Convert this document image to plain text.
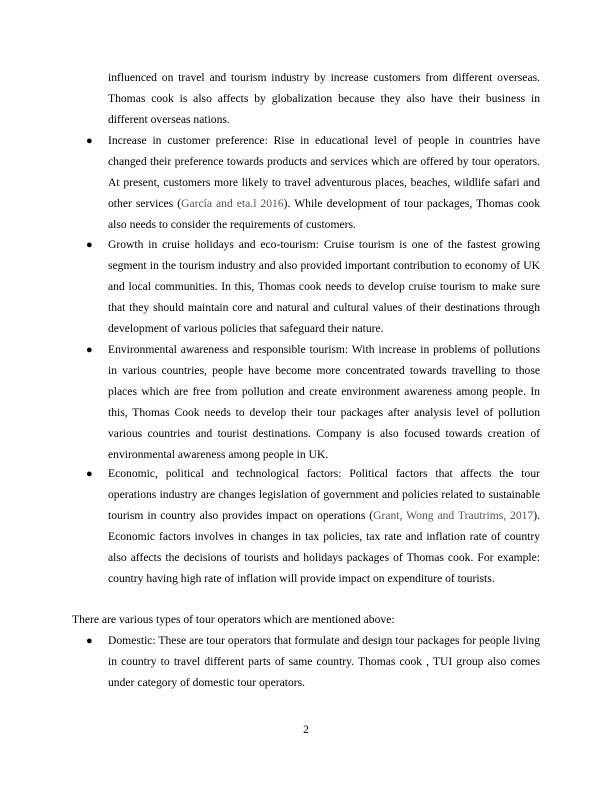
influenced on travel and tourism industry by increase customers from different overseas. Thomas cook is also affects by globalization because they also have their business in different overseas nations.

● Increase in customer preference: Rise in educational level of people in countries have changed their preference towards products and services which are offered by tour operators. At present, customers more likely to travel adventurous places, beaches, wildlife safari and other services (García and eta.l 2016). While development of tour packages, Thomas cook also needs to consider the requirements of customers.
● Growth in cruise holidays and eco-tourism: Cruise tourism is one of the fastest growing segment in the tourism industry and also provided important contribution to economy of UK and local communities. In this, Thomas cook needs to develop cruise tourism to make sure that they should maintain core and natural and cultural values of their destinations through development of various policies that safeguard their nature.
● Environmental awareness and responsible tourism: With increase in problems of pollutions in various countries, people have become more concentrated towards travelling to those places which are free from pollution and create environment awareness among people. In this, Thomas Cook needs to develop their tour packages after analysis level of pollution various countries and tourist destinations. Company is also focused towards creation of environmental awareness among people in UK.
● Economic, political and technological factors: Political factors that affects the tour operations industry are changes legislation of government and policies related to sustainable tourism in country also provides impact on operations (Grant, Wong and Trautrims, 2017). Economic factors involves in changes in tax policies, tax rate and inflation rate of country also affects the decisions of tourists and holidays packages of Thomas cook. For example: country having high rate of inflation will provide impact on expenditure of tourists.

There are various types of tour operators which are mentioned above:

● Domestic: These are tour operators that formulate and design tour packages for people living in country to travel different parts of same country. Thomas cook , TUI group also comes under category of domestic tour operators.
2
